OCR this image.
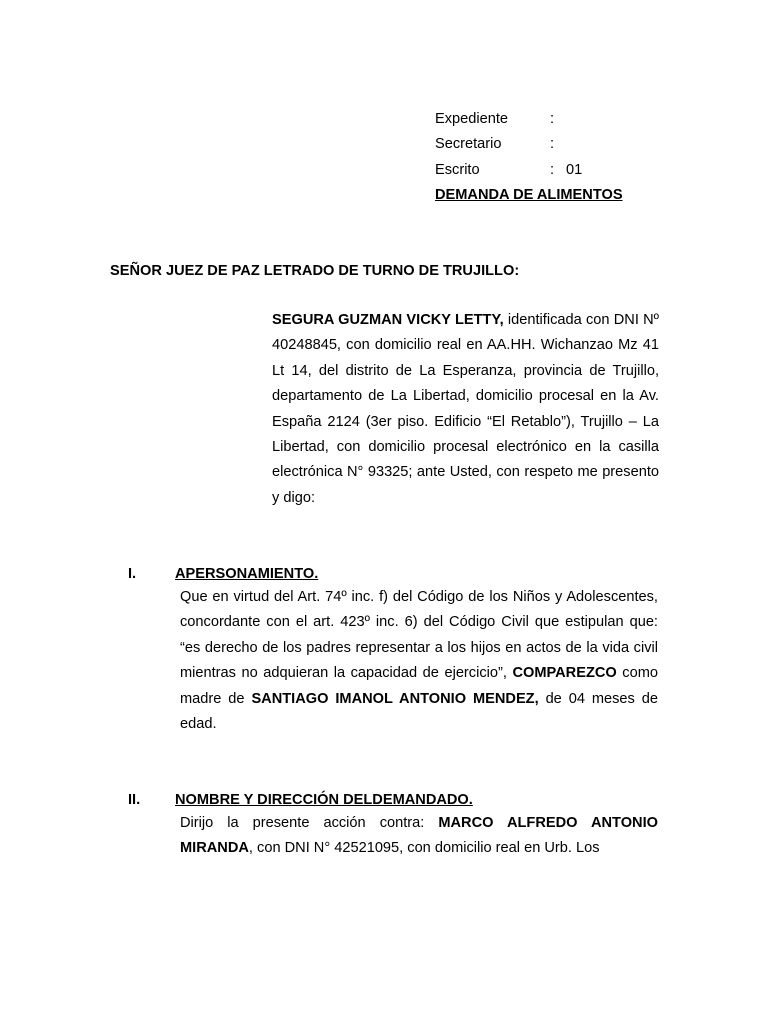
Expediente	:
Secretario	:
Escrito	: 01
DEMANDA DE ALIMENTOS
SEÑOR JUEZ DE PAZ LETRADO DE TURNO DE TRUJILLO:
SEGURA GUZMAN VICKY LETTY, identificada con DNI Nº 40248845, con domicilio real en AA.HH. Wichanzao Mz 41 Lt 14, del distrito de La Esperanza, provincia de Trujillo, departamento de La Libertad, domicilio procesal en la Av. España 2124 (3er piso. Edificio “El Retablo”), Trujillo – La Libertad, con domicilio procesal electrónico en la casilla electrónica N° 93325; ante Usted, con respeto me presento y digo:
I.	APERSONAMIENTO.
Que en virtud del Art. 74º inc. f) del Código de los Niños y Adolescentes, concordante con el art. 423º inc. 6) del Código Civil que estipulan que: “es derecho de los padres representar a los hijos en actos de la vida civil mientras no adquieran la capacidad de ejercicio”, COMPAREZCO como madre de SANTIAGO IMANOL ANTONIO MENDEZ, de 04 meses de edad.
II. NOMBRE Y DIRECCIÓN DELDEMANDADO.
Dirijo la presente acción contra: MARCO ALFREDO ANTONIO MIRANDA, con DNI N° 42521095, con domicilio real en Urb. Los
